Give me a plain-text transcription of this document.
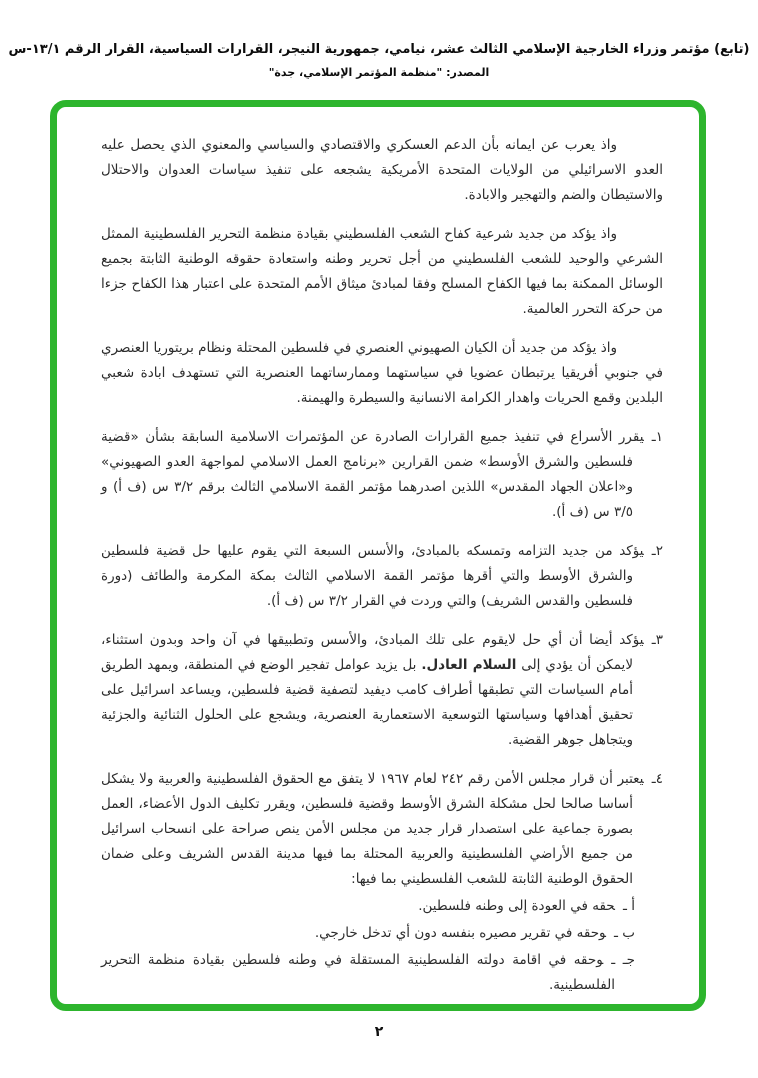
(تابع) مؤتمر وزراء الخارجية الإسلامي الثالث عشر، نيامي، جمهورية النيجر، القرارات السياسية، القرار الرقم ١٣/١-س
المصدر: "منظمة المؤتمر الإسلامي، جدة"

واذ يعرب عن ايمانه بأن الدعم العسكري والاقتصادي والسياسي والمعنوي الذي يحصل عليه العدو الاسرائيلي من الولايات المتحدة الأمريكية يشجعه على تنفيذ سياسات العدوان والاحتلال والاستيطان والضم والتهجير والابادة.

واذ يؤكد من جديد شرعية كفاح الشعب الفلسطيني بقيادة منظمة التحرير الفلسطينية الممثل الشرعي والوحيد للشعب الفلسطيني من أجل تحرير وطنه واستعادة حقوقه الوطنية الثابتة بجميع الوسائل الممكنة بما فيها الكفاح المسلح وفقا لمبادئ ميثاق الأمم المتحدة على اعتبار هذا الكفاح جزءا من حركة التحرر العالمية.

واذ يؤكد من جديد أن الكيان الصهيوني العنصري في فلسطين المحتلة ونظام بريتوريا العنصري في جنوبي أفريقيا يرتبطان عضويا في سياستهما وممارساتهما العنصرية التي تستهدف ابادة شعبي البلدين وقمع الحريات واهدار الكرامة الانسانية والسيطرة والهيمنة.

١ـيقرر الأسراع في تنفيذ جميع القرارات الصادرة عن المؤتمرات الاسلامية السابقة بشأن «قضية فلسطين والشرق الأوسط» ضمن القرارين «برنامج العمل الاسلامي لمواجهة العدو الصهيوني» و«اعلان الجهاد المقدس» اللذين اصدرهما مؤتمر القمة الاسلامي الثالث برقم ٣/٢ س (ف أ) و ٣/٥ س (ف أ).

٢ـيؤكد من جديد التزامه وتمسكه بالمبادئ، والأسس السبعة التي يقوم عليها حل قضية فلسطين والشرق الأوسط والتي أقرها مؤتمر القمة الاسلامي الثالث بمكة المكرمة والطائف (دورة فلسطين والقدس الشريف) والتي وردت في القرار ٣/٢ س (ف أ).

٣ـيؤكد أيضا أن أي حل لايقوم على تلك المبادئ، والأسس وتطبيقها في آن واحد وبدون استثناء، لايمكن أن يؤدي إلى السلام العادل. بل يزيد عوامل تفجير الوضع في المنطقة، ويمهد الطريق أمام السياسات التي تطبقها أطراف كامب ديفيد لتصفية قضية فلسطين، ويساعد اسرائيل على تحقيق أهدافها وسياستها التوسعية الاستعمارية العنصرية، ويشجع على الحلول الثنائية والجزئية ويتجاهل جوهر القضية.

٤ـيعتبر أن قرار مجلس الأمن رقم ٢٤٢ لعام ١٩٦٧ لا يتفق مع الحقوق الفلسطينية والعربية ولا يشكل أساسا صالحا لحل مشكلة الشرق الأوسط وقضية فلسطين، ويقرر تكليف الدول الأعضاء، العمل بصورة جماعية على استصدار قرار جديد من مجلس الأمن ينص صراحة على انسحاب اسرائيل من جميع الأراضي الفلسطينية والعربية المحتلة بما فيها مدينة القدس الشريف وعلى ضمان الحقوق الوطنية الثابتة للشعب الفلسطيني بما فيها:

أ ـحقه في العودة إلى وطنه فلسطين.

ب ـوحقه في تقرير مصيره بنفسه دون أي تدخل خارجي.

جـ ـوحقه في اقامة دولته الفلسطينية المستقلة في وطنه فلسطين بقيادة منظمة التحرير الفلسطينية.

٢
